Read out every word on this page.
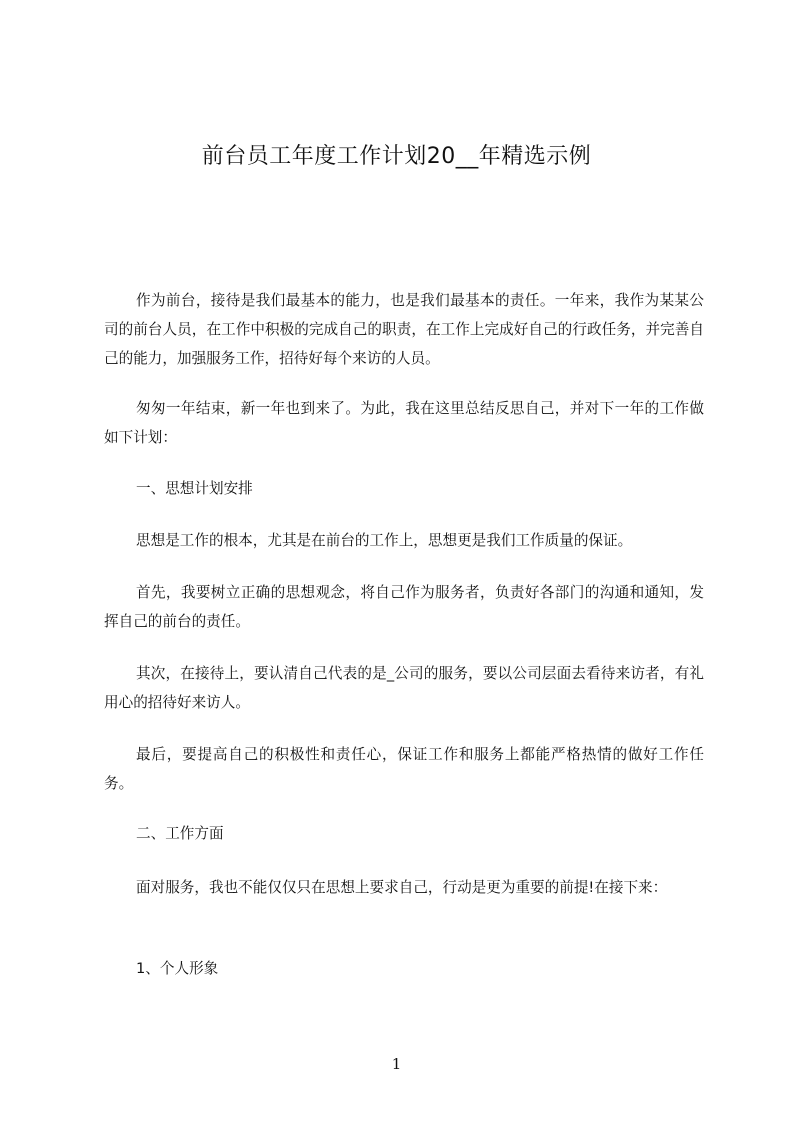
前台员工年度工作计划20__年精选示例

作为前台，接待是我们最基本的能力，也是我们最基本的责任。一年来，我作为某某公司的前台人员，在工作中积极的完成自己的职责，在工作上完成好自己的行政任务，并完善自己的能力，加强服务工作，招待好每个来访的人员。

匆匆一年结束，新一年也到来了。为此，我在这里总结反思自己，并对下一年的工作做如下计划：

一、思想计划安排

思想是工作的根本，尤其是在前台的工作上，思想更是我们工作质量的保证。

首先，我要树立正确的思想观念，将自己作为服务者，负责好各部门的沟通和通知，发挥自己的前台的责任。

其次，在接待上，要认清自己代表的是_公司的服务，要以公司层面去看待来访者，有礼用心的招待好来访人。

最后，要提高自己的积极性和责任心，保证工作和服务上都能严格热情的做好工作任务。

二、工作方面

面对服务，我也不能仅仅只在思想上要求自己，行动是更为重要的前提!在接下来：

1、个人形象

1
